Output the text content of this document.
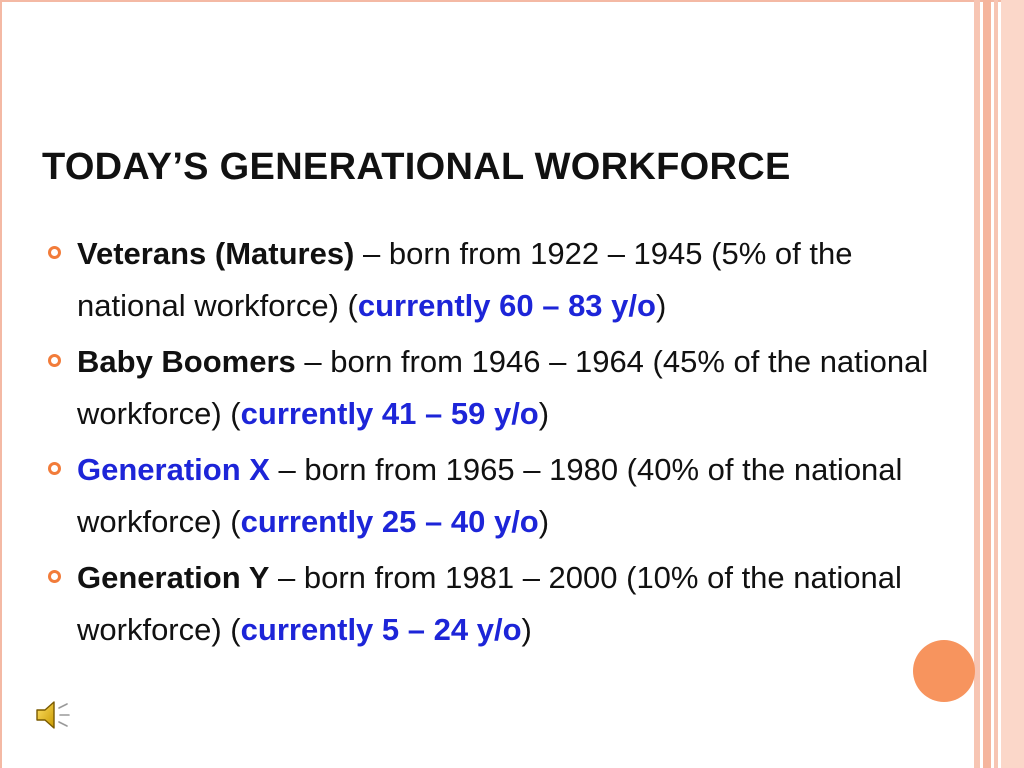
TODAY’S GENERATIONAL WORKFORCE
Veterans (Matures) – born from 1922 – 1945 (5% of the national workforce) (currently 60 – 83 y/o)
Baby Boomers – born from 1946 – 1964 (45% of the national workforce) (currently 41 – 59 y/o)
Generation X – born from 1965 – 1980 (40% of the national workforce) (currently 25 – 40 y/o)
Generation Y – born from 1981 – 2000 (10% of the national workforce) (currently 5 – 24 y/o)
